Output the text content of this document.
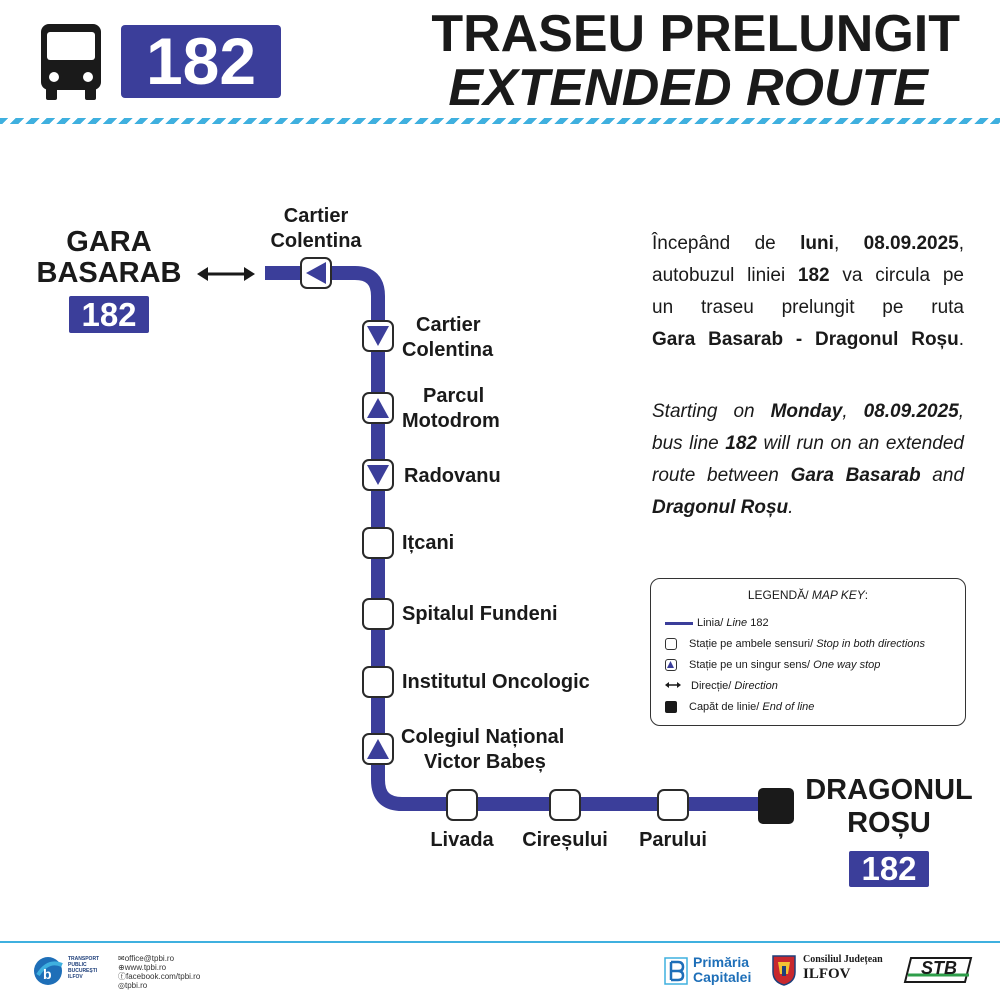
182	TRASEU PRELUNGIT
EXTENDED ROUTE
GARA
BASARAB
182
Cartier
Colentina
Cartier
Colentina
Parcul
Motodrom
Radovanu
Ițcani
Spitalul Fundeni
Institutul Oncologic
Colegiul Național
Victor Babeș
Livada	Cireșului	Parului
DRAGONUL
ROȘU
182
Începând de luni, 08.09.2025,
autobuzul liniei 182 va circula pe
un traseu prelungit pe ruta
Gara Basarab - Dragonul Roșu.
Starting on Monday, 08.09.2025,
bus line 182 will run on an extended
route between Gara Basarab and
Dragonul Roșu.
LEGENDĂ/ MAP KEY:
Linia/ Line 182
Stație pe ambele sensuri/ Stop in both directions
Stație pe un singur sens/ One way stop
Direcție/ Direction
Capăt de linie/ End of line
b
TRANSPORT
PUBLIC
BUCUREȘTI
ILFOV
✉office@tpbi.ro
⊕www.tpbi.ro
ⓕfacebook.com/tpbi.ro
◎tpbi.ro
Primăria
Capitalei
Consiliul Județean
ILFOV	STB
